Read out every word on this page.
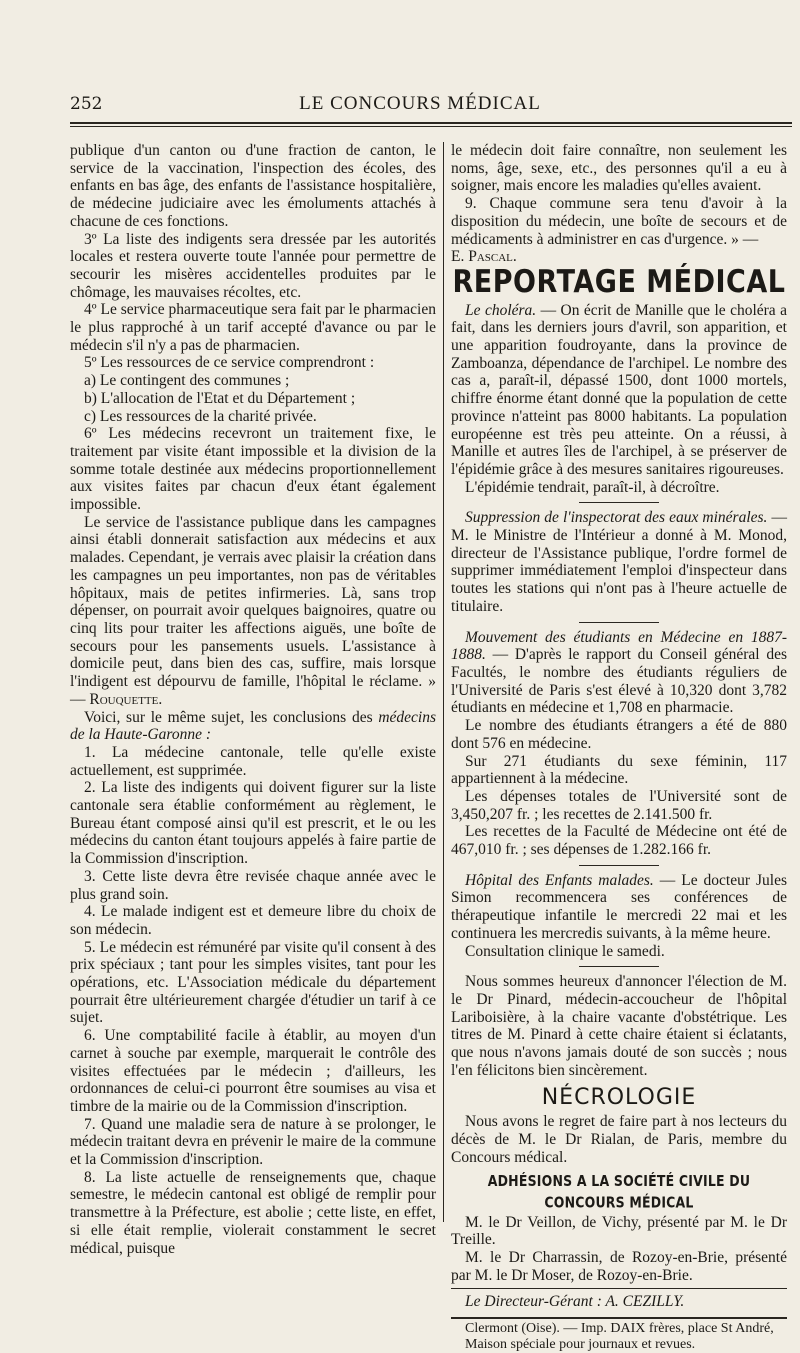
252	LE CONCOURS MÉDICAL

publique d'un canton ou d'une fraction de canton, le service de la vaccination, l'inspection des écoles, des enfants en bas âge, des enfants de l'assistance hospitalière, de médecine judiciaire avec les émoluments attachés à chacune de ces fonctions.

3º La liste des indigents sera dressée par les autorités locales et restera ouverte toute l'année pour permettre de secourir les misères accidentelles produites par le chômage, les mauvaises récoltes, etc.

4º Le service pharmaceutique sera fait par le pharmacien le plus rapproché à un tarif accepté d'avance ou par le médecin s'il n'y a pas de pharmacien.

5º Les ressources de ce service comprendront :

a) Le contingent des communes ;

b) L'allocation de l'Etat et du Département ;

c) Les ressources de la charité privée.

6º Les médecins recevront un traitement fixe, le traitement par visite étant impossible et la division de la somme totale destinée aux médecins proportionnellement aux visites faites par chacun d'eux étant également impossible.

Le service de l'assistance publique dans les campagnes ainsi établi donnerait satisfaction aux médecins et aux malades. Cependant, je verrais avec plaisir la création dans les campagnes un peu importantes, non pas de véritables hôpitaux, mais de petites infirmeries. Là, sans trop dépenser, on pourrait avoir quelques baignoires, quatre ou cinq lits pour traiter les affections aiguës, une boîte de secours pour les pansements usuels. L'assistance à domicile peut, dans bien des cas, suffire, mais lorsque l'indigent est dépourvu de famille, l'hôpital le réclame. » — Rouquette.

Voici, sur le même sujet, les conclusions des médecins de la Haute-Garonne :

1. La médecine cantonale, telle qu'elle existe actuellement, est supprimée.

2. La liste des indigents qui doivent figurer sur la liste cantonale sera établie conformément au règlement, le Bureau étant composé ainsi qu'il est prescrit, et le ou les médecins du canton étant toujours appelés à faire partie de la Commission d'inscription.

3. Cette liste devra être revisée chaque année avec le plus grand soin.

4. Le malade indigent est et demeure libre du choix de son médecin.

5. Le médecin est rémunéré par visite qu'il consent à des prix spéciaux ; tant pour les simples visites, tant pour les opérations, etc. L'Association médicale du département pourrait être ultérieurement chargée d'étudier un tarif à ce sujet.

6. Une comptabilité facile à établir, au moyen d'un carnet à souche par exemple, marquerait le contrôle des visites effectuées par le médecin ; d'ailleurs, les ordonnances de celui-ci pourront être soumises au visa et timbre de la mairie ou de la Commission d'inscription.

7. Quand une maladie sera de nature à se prolonger, le médecin traitant devra en prévenir le maire de la commune et la Commission d'inscription.

8. La liste actuelle de renseignements que, chaque semestre, le médecin cantonal est obligé de remplir pour transmettre à la Préfecture, est abolie ; cette liste, en effet, si elle était remplie, violerait constamment le secret médical, puisque

le médecin doit faire connaître, non seulement les noms, âge, sexe, etc., des personnes qu'il a eu à soigner, mais encore les maladies qu'elles avaient.

9. Chaque commune sera tenu d'avoir à la disposition du médecin, une boîte de secours et de médicaments à administrer en cas d'urgence. » —

E. Pascal.

REPORTAGE MÉDICAL

Le choléra. — On écrit de Manille que le choléra a fait, dans les derniers jours d'avril, son apparition, et une apparition foudroyante, dans la province de Zamboanza, dépendance de l'archipel. Le nombre des cas a, paraît-il, dépassé 1500, dont 1000 mortels, chiffre énorme étant donné que la population de cette province n'atteint pas 8000 habitants. La population européenne est très peu atteinte. On a réussi, à Manille et autres îles de l'archipel, à se préserver de l'épidémie grâce à des mesures sanitaires rigoureuses.

L'épidémie tendrait, paraît-il, à décroître.

Suppression de l'inspectorat des eaux minérales. — M. le Ministre de l'Intérieur a donné à M. Monod, directeur de l'Assistance publique, l'ordre formel de supprimer immédiatement l'emploi d'inspecteur dans toutes les stations qui n'ont pas à l'heure actuelle de titulaire.

Mouvement des étudiants en Médecine en 1887-1888. — D'après le rapport du Conseil général des Facultés, le nombre des étudiants réguliers de l'Université de Paris s'est élevé à 10,320 dont 3,782 étudiants en médecine et 1,708 en pharmacie.

Le nombre des étudiants étrangers a été de 880 dont 576 en médecine.

Sur 271 étudiants du sexe féminin, 117 appartiennent à la médecine.

Les dépenses totales de l'Université sont de 3,450,207 fr. ; les recettes de 2.141.500 fr.

Les recettes de la Faculté de Médecine ont été de 467,010 fr. ; ses dépenses de 1.282.166 fr.

Hôpital des Enfants malades. — Le docteur Jules Simon recommencera ses conférences de thérapeutique infantile le mercredi 22 mai et les continuera les mercredis suivants, à la même heure.

Consultation clinique le samedi.

Nous sommes heureux d'annoncer l'élection de M. le Dr Pinard, médecin-accoucheur de l'hôpital Lariboisière, à la chaire vacante d'obstétrique. Les titres de M. Pinard à cette chaire étaient si éclatants, que nous n'avons jamais douté de son succès ; nous l'en félicitons bien sincèrement.

NÉCROLOGIE

Nous avons le regret de faire part à nos lecteurs du décès de M. le Dr Rialan, de Paris, membre du Concours médical.

ADHÉSIONS A LA SOCIÉTÉ CIVILE DU CONCOURS MÉDICAL

M. le Dr Veillon, de Vichy, présenté par M. le Dr Treille.

M. le Dr Charrassin, de Rozoy-en-Brie, présenté par M. le Dr Moser, de Rozoy-en-Brie.

Le Directeur-Gérant : A. CEZILLY.

Clermont (Oise). — Imp. DAIX frères, place St André,

Maison spéciale pour journaux et revues.
